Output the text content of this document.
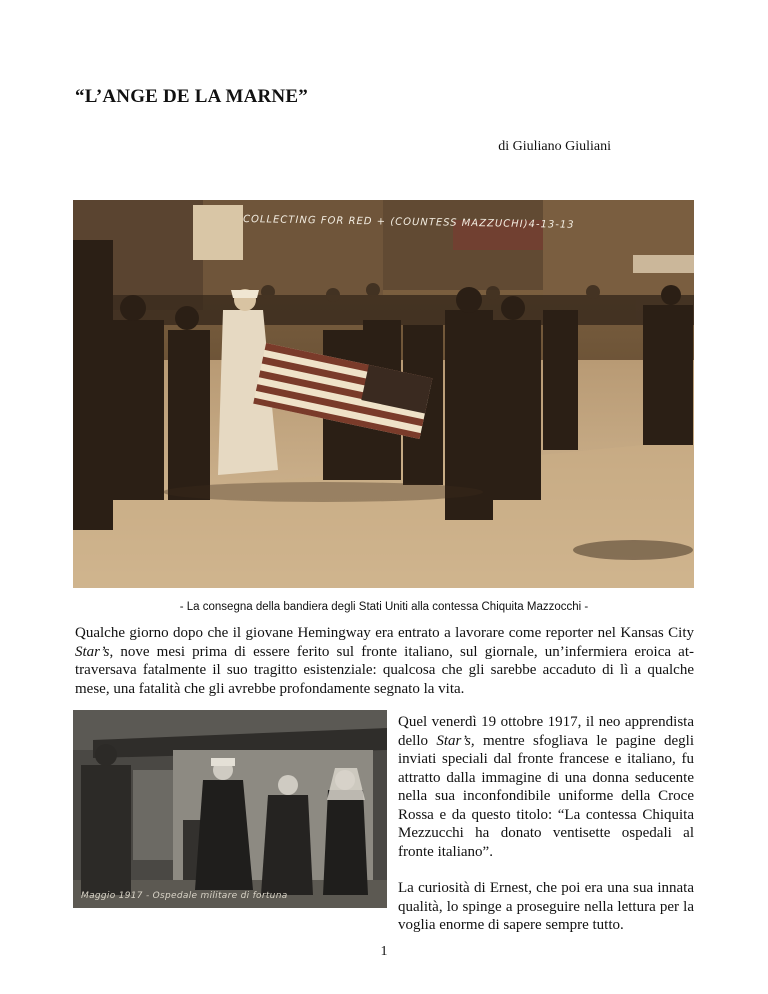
“L’ANGE DE LA MARNE”
di Giuliano Giuliani
COLLECTING FOR RED + (COUNTESS MAZZUCHI)4-13-13
- La consegna della bandiera degli Stati Uniti alla contessa Chiquita Mazzocchi -
Qualche giorno dopo che il giovane Hemingway era entrato a lavorare come reporter nel Kansas City Star’s, nove mesi prima di essere ferito sul fronte italiano, sul giornale, un’infermiera eroica attraversava fatalmente il suo tragitto esistenziale: qualcosa che gli sarebbe accaduto di lì a qualche mese, una fatalità che gli avrebbe profondamente segnato la vita.
Maggio 1917 - Ospedale militare di fortuna

Quel venerdì 19 ottobre 1917, il neo apprendista dello Star’s, mentre sfogliava le pagine degli inviati speciali dal fronte francese e italiano, fu attratto dalla immagine di una donna seducente nella sua inconfondibile uniforme della Croce Rossa e da questo titolo: “La contessa Chiquita Mezzucchi ha donato ventisette ospedali al fronte italiano”.

La curiosità di Ernest, che poi era una sua innata qualità, lo spinge a proseguire nella lettura per la voglia enorme di sapere sempre tutto.

1
